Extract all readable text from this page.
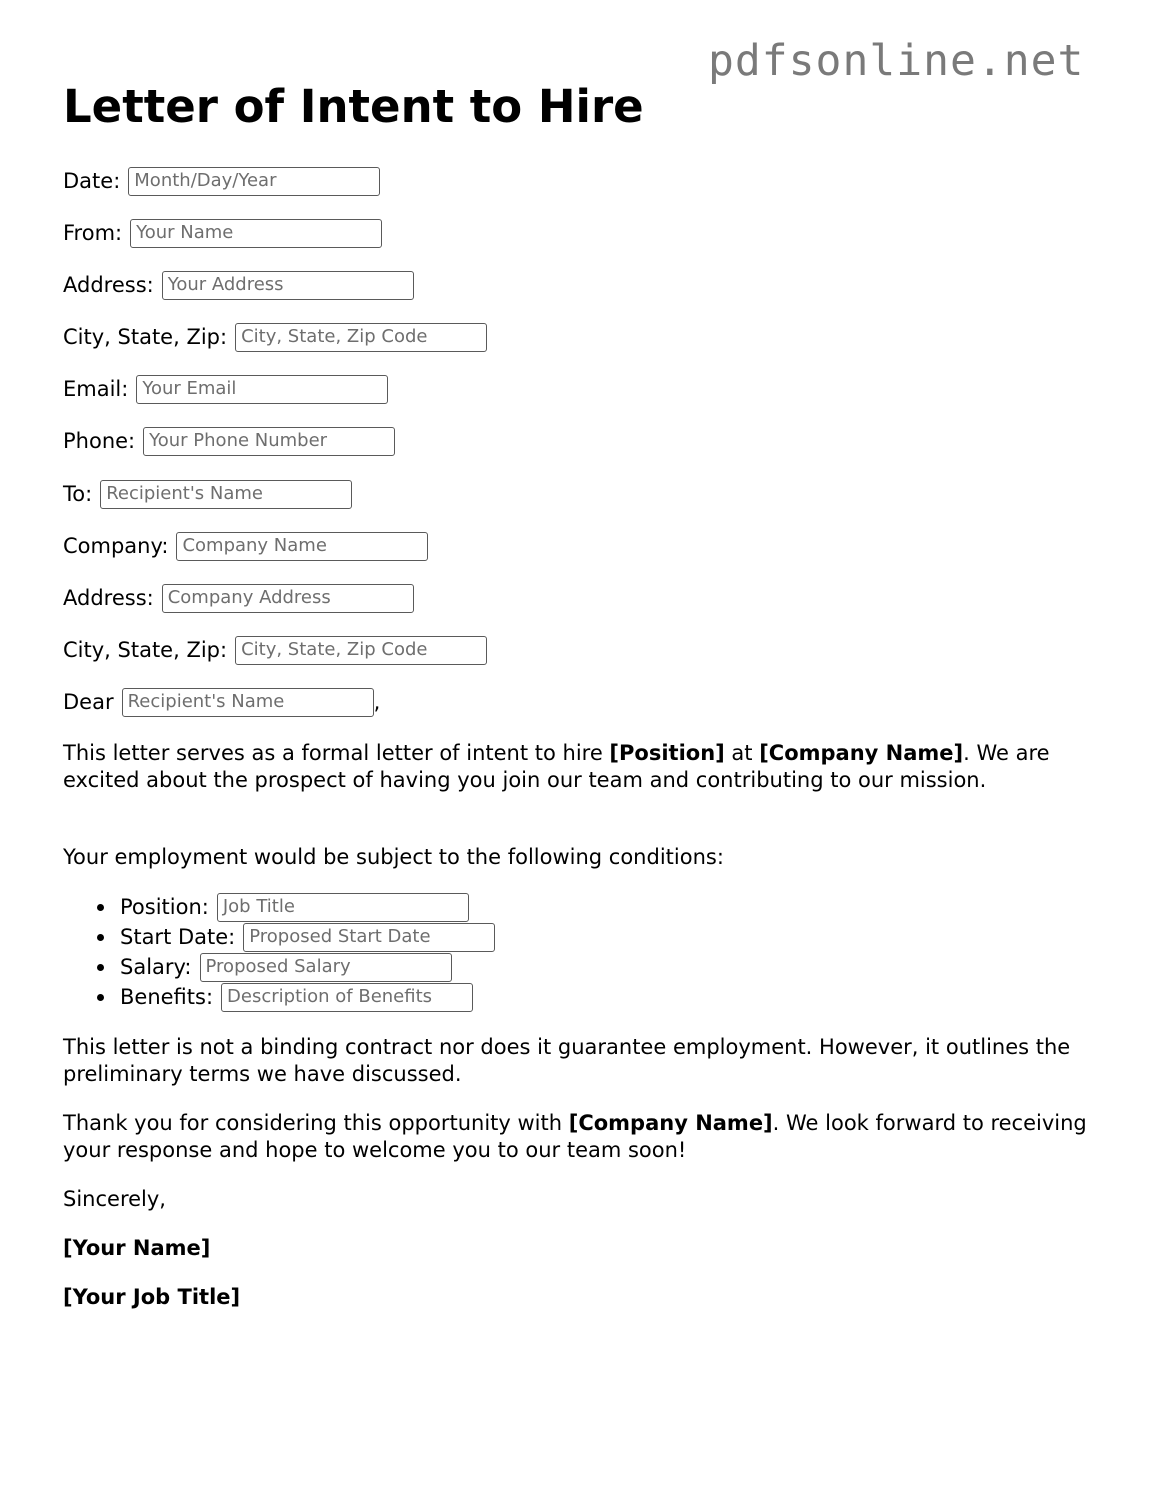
pdfsonline.net
Letter of Intent to Hire
Date: Month/Day/Year
From: Your Name
Address: Your Address
City, State, Zip: City, State, Zip Code
Email: Your Email
Phone: Your Phone Number
To: Recipient's Name
Company: Company Name
Address: Company Address
City, State, Zip: City, State, Zip Code
Dear Recipient's Name	,

This letter serves as a formal letter of intent to hire [Position] at [Company Name]. We are excited about the prospect of having you join our team and contributing to our mission.

Your employment would be subject to the following conditions:

Position: Job Title
Start Date: Proposed Start Date
Salary: Proposed Salary
Benefits: Description of Benefits

This letter is not a binding contract nor does it guarantee employment. However, it outlines the preliminary terms we have discussed.

Thank you for considering this opportunity with [Company Name]. We look forward to receiving your response and hope to welcome you to our team soon!

Sincerely,

[Your Name]
[Your Job Title]
